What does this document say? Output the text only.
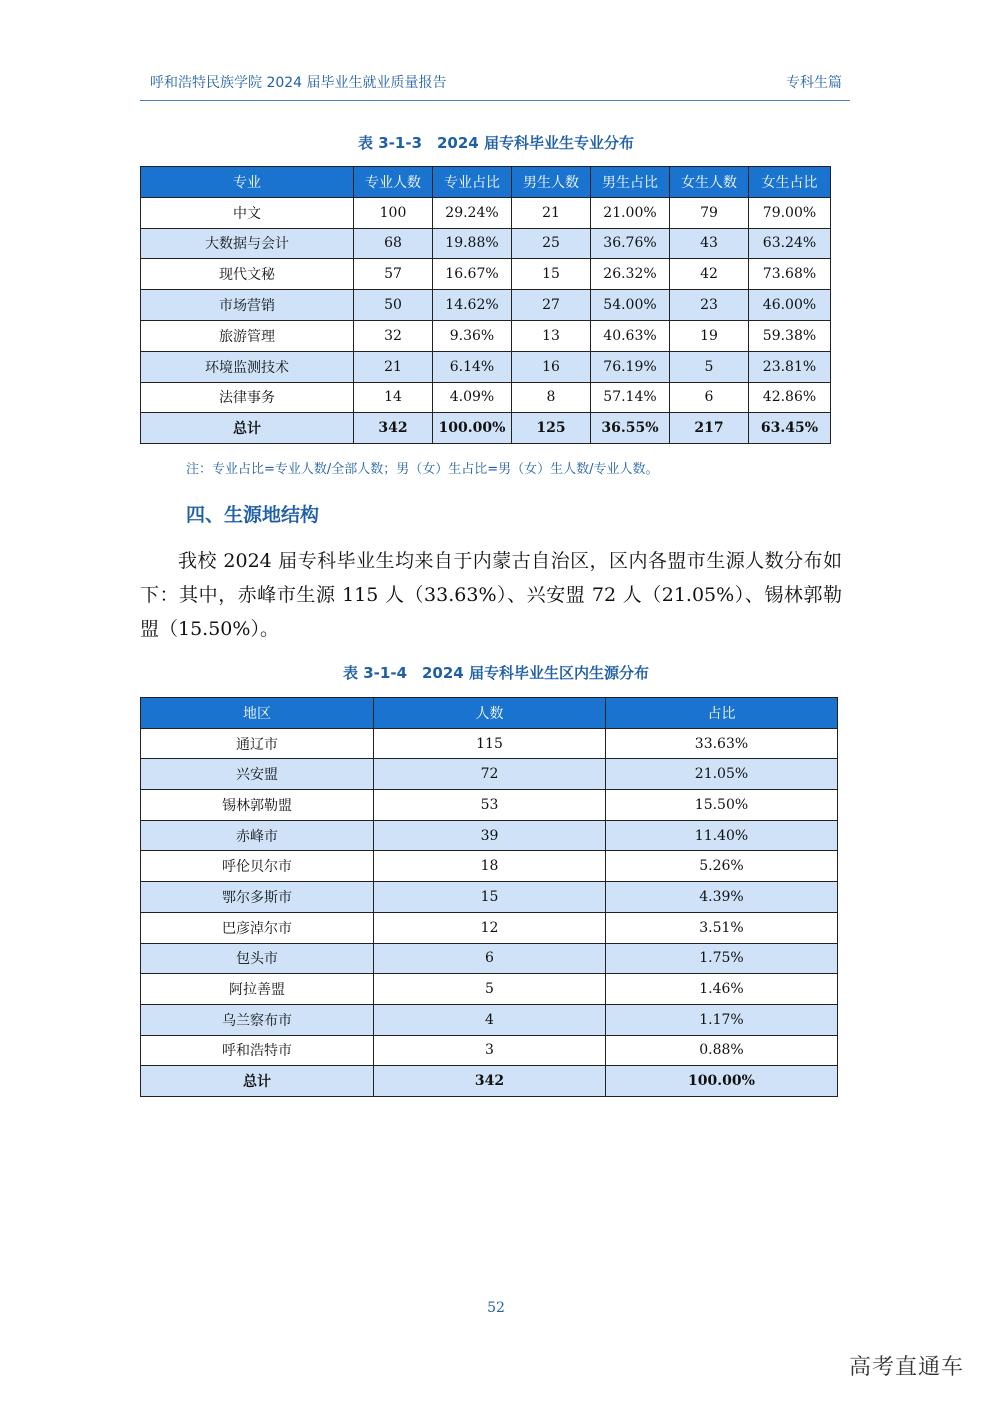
呼和浩特民族学院 2024 届毕业生就业质量报告	专科生篇
表 3-1-3　2024 届专科毕业生专业分布
专业	专业人数	专业占比	男生人数	男生占比	女生人数	女生占比
中文	100	29.24%	21	21.00%	79	79.00%
大数据与会计	68	19.88%	25	36.76%	43	63.24%
现代文秘	57	16.67%	15	26.32%	42	73.68%
市场营销	50	14.62%	27	54.00%	23	46.00%
旅游管理	32	9.36%	13	40.63%	19	59.38%
环境监测技术	21	6.14%	16	76.19%	5	23.81%
法律事务	14	4.09%	8	57.14%	6	42.86%
总计	342	100.00%	125	36.55%	217	63.45%
注：专业占比=专业人数/全部人数；男（女）生占比=男（女）生人数/专业人数。
四、生源地结构
我校 2024 届专科毕业生均来自于内蒙古自治区，区内各盟市生源人数分布如下：其中，赤峰市生源 115 人（33.63%）、兴安盟 72 人（21.05%）、锡林郭勒盟（15.50%）。
表 3-1-4　2024 届专科毕业生区内生源分布
地区	人数	占比
通辽市	115	33.63%
兴安盟	72	21.05%
锡林郭勒盟	53	15.50%
赤峰市	39	11.40%
呼伦贝尔市	18	5.26%
鄂尔多斯市	15	4.39%
巴彦淖尔市	12	3.51%
包头市	6	1.75%
阿拉善盟	5	1.46%
乌兰察布市	4	1.17%
呼和浩特市	3	0.88%
总计	342	100.00%
52
高考直通车
